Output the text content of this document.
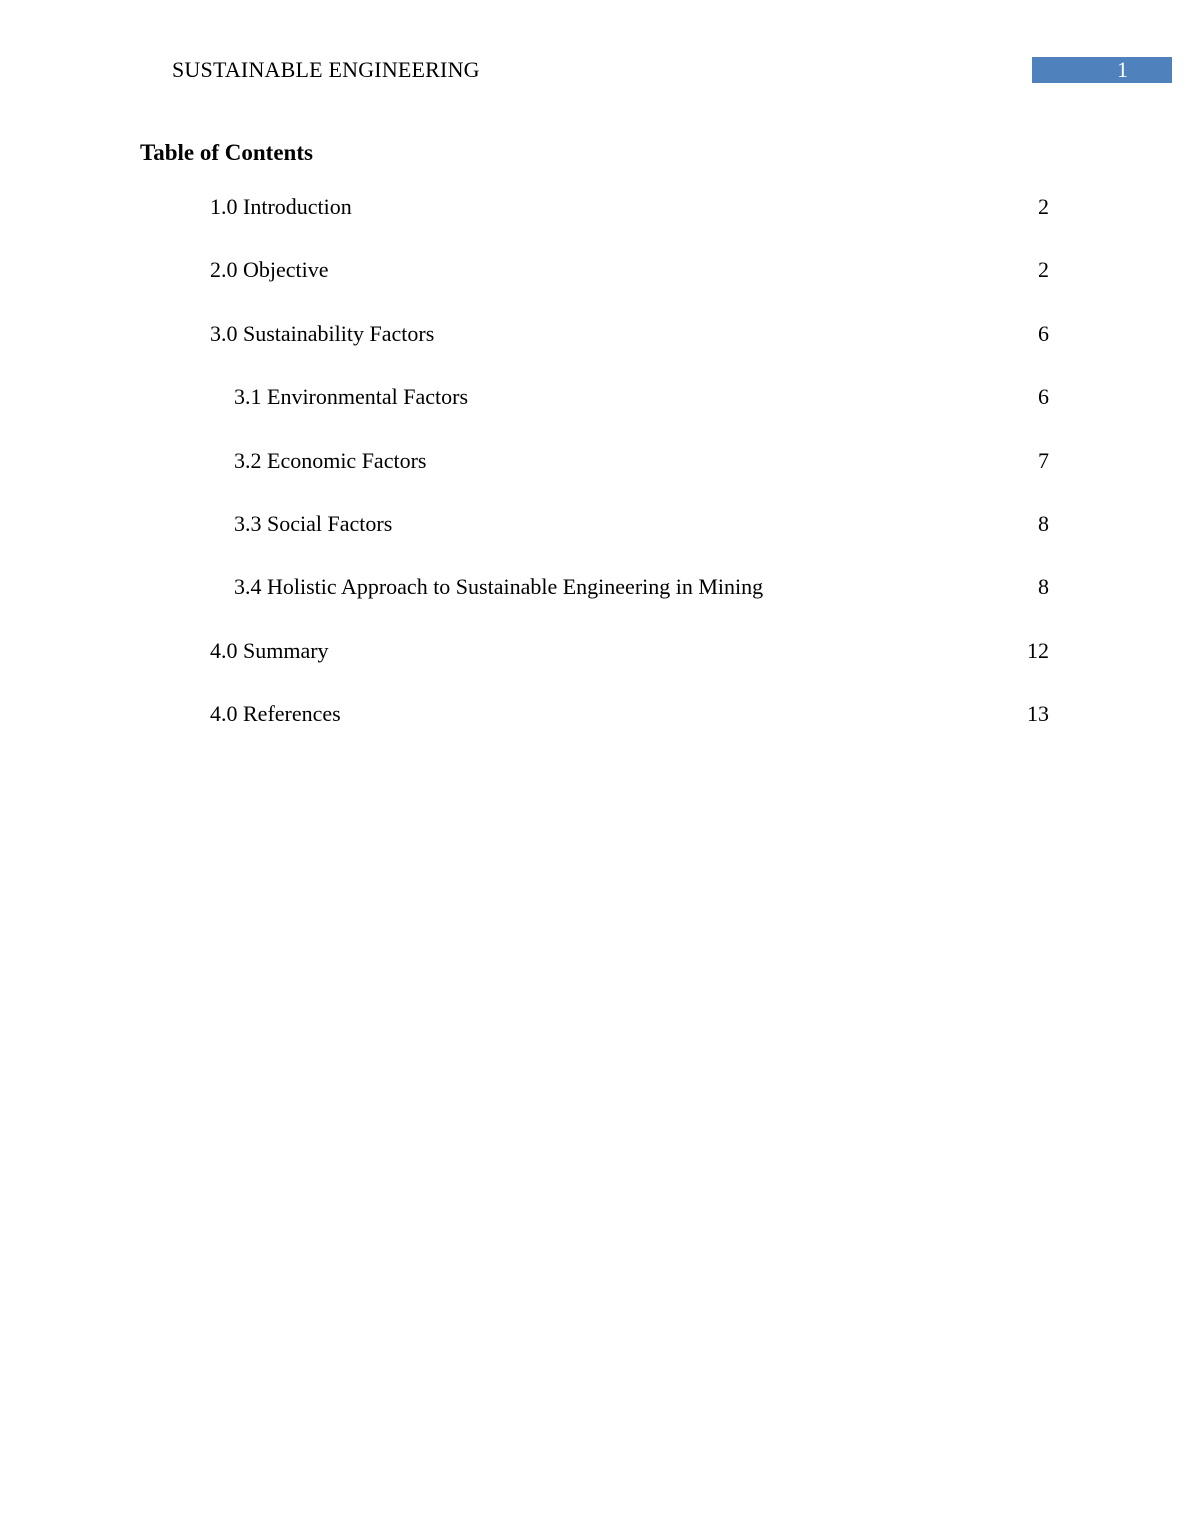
SUSTAINABLE ENGINEERING	1
Table of Contents
1.0 Introduction	2
2.0 Objective	2
3.0 Sustainability Factors	6
3.1 Environmental Factors	6
3.2 Economic Factors	7
3.3 Social Factors	8
3.4 Holistic Approach to Sustainable Engineering in Mining	8
4.0 Summary	12
4.0 References	13
